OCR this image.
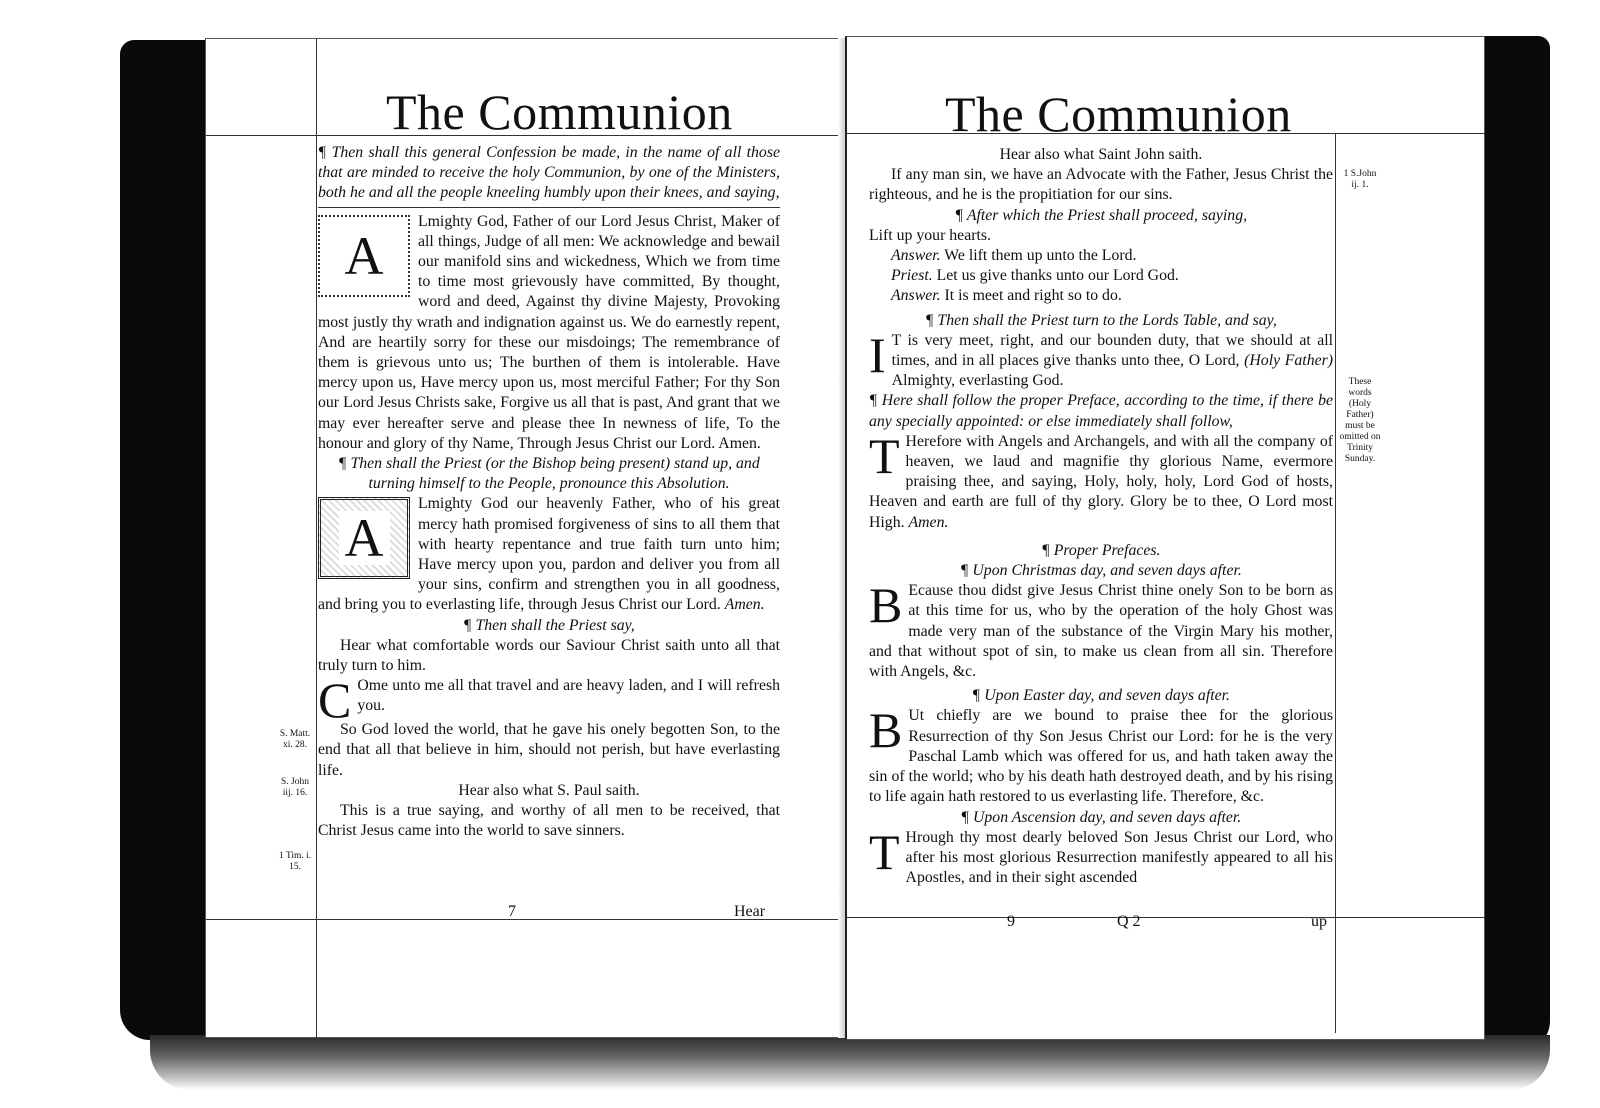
The Communion

¶ Then shall this general Confession be made, in the name of all those that are minded to receive the holy Communion, by one of the Ministers, both he and all the people kneeling humbly upon their knees, and saying,

A

Lmighty God, Father of our Lord Jesus Christ, Maker of all things, Judge of all men: We acknowledge and bewail our manifold sins and wickedness, Which we from time to time most grievously have committed, By thought, word and deed, Against thy divine Majesty, Provoking most justly thy wrath and indignation against us. We do earnestly repent, And are heartily sorry for these our misdoings; The remembrance of them is grievous unto us; The burthen of them is intolerable. Have mercy upon us, Have mercy upon us, most merciful Father; For thy Son our Lord Jesus Christs sake, Forgive us all that is past, And grant that we may ever hereafter serve and please thee In newness of life, To the honour and glory of thy Name, Through Jesus Christ our Lord. Amen.

¶ Then shall the Priest (or the Bishop being present) stand up, and turning himself to the People, pronounce this Absolution.

A

Lmighty God our heavenly Father, who of his great mercy hath promised forgiveness of sins to all them that with hearty repentance and true faith turn unto him; Have mercy upon you, pardon and deliver you from all your sins, confirm and strengthen you in all goodness, and bring you to everlasting life, through Jesus Christ our Lord. Amen.

¶ Then shall the Priest say,

Hear what comfortable words our Saviour Christ saith unto all that truly turn to him.

C Ome unto me all that travel and are heavy laden, and I will refresh you.

So God loved the world, that he gave his onely begotten Son, to the end that all that believe in him, should not perish, but have everlasting life.

Hear also what S. Paul saith.

This is a true saying, and worthy of all men to be received, that Christ Jesus came into the world to save sinners.

S. Matt. xi. 28.
S. John iij. 16.
1 Tim. i. 15.
7	Hear
The Communion

Hear also what Saint John saith.

If any man sin, we have an Advocate with the Father, Jesus Christ the righteous, and he is the propitiation for our sins.

¶ After which the Priest shall proceed, saying,

Lift up your hearts.

Answer. We lift them up unto the Lord.

Priest. Let us give thanks unto our Lord God.

Answer. It is meet and right so to do.

¶ Then shall the Priest turn to the Lords Table, and say,

I T is very meet, right, and our bounden duty, that we should at all times, and in all places give thanks unto thee, O Lord, (Holy Father) Almighty, everlasting God.

¶ Here shall follow the proper Preface, according to the time, if there be any specially appointed: or else immediately shall follow,

T Herefore with Angels and Archangels, and with all the company of heaven, we laud and magnifie thy glorious Name, evermore praising thee, and saying, Holy, holy, holy, Lord God of hosts, Heaven and earth are full of thy glory. Glory be to thee, O Lord most High. Amen.

¶ Proper Prefaces.

¶ Upon Christmas day, and seven days after.

B Ecause thou didst give Jesus Christ thine onely Son to be born as at this time for us, who by the operation of the holy Ghost was made very man of the substance of the Virgin Mary his mother, and that without spot of sin, to make us clean from all sin. Therefore with Angels, &c.

¶ Upon Easter day, and seven days after.

B Ut chiefly are we bound to praise thee for the glorious Resurrection of thy Son Jesus Christ our Lord: for he is the very Paschal Lamb which was offered for us, and hath taken away the sin of the world; who by his death hath destroyed death, and by his rising to life again hath restored to us everlasting life. Therefore, &c.

¶ Upon Ascension day, and seven days after.

T Hrough thy most dearly beloved Son Jesus Christ our Lord, who after his most glorious Resurrection manifestly appeared to all his Apostles, and in their sight ascended

1 S.John ij. 1.
These words (Holy Father) must be omitted on Trinity Sunday.
9	Q 2	up
